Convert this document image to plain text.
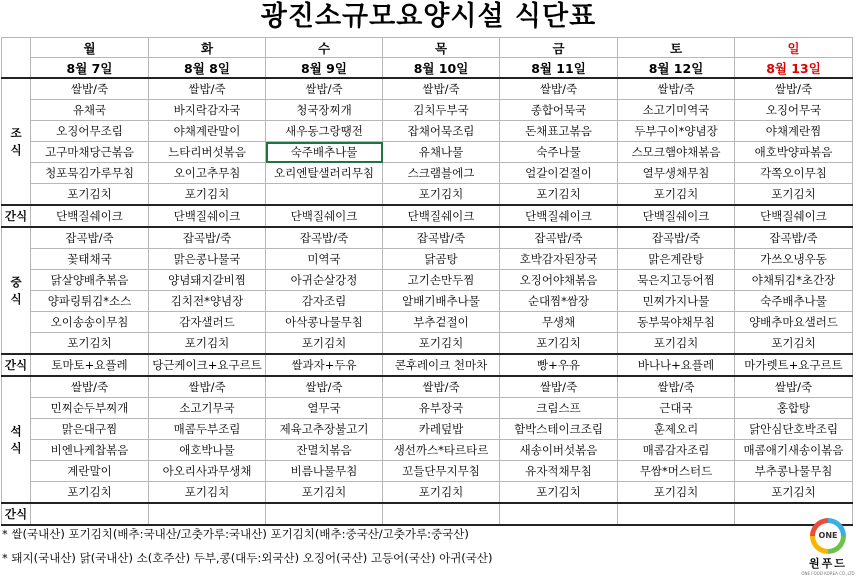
광진소규모요양시설 식단표
	월	화	수	목	금	토	일
	8월 7일	8월 8일	8월 9일	8월 10일	8월 11일	8월 12일	8월 13일
조
식	쌀밥/죽	쌀밥/죽	쌀밥/죽	쌀밥/죽	쌀밥/죽	쌀밥/죽	쌀밥/죽
	유채국	바지락감자국	청국장찌개	김치두부국	종합어묵국	소고기미역국	오징어무국
	오징어무조림	야채계란말이	새우동그랑땡전	잡채어묵조림	돈채표고볶음	두부구이*양념장	야채계란찜
	고구마채당근볶음	느타리버섯볶음	숙주배추나물	유채나물	숙주나물	스모크햄야채볶음	애호박양파볶음
	청포묵김가루무침	오이고추무침	오리엔탈샐러리무침	스크램블에그	얼갈이겉절이	열무생채무침	각쪽오이무침
	포기김치	포기김치		포기김치	포기김치	포기김치	포기김치
간식	단백질쉐이크	단백질쉐이크	단백질쉐이크	단백질쉐이크	단백질쉐이크	단백질쉐이크	단백질쉐이크
중
식	잡곡밥/죽	잡곡밥/죽	잡곡밥/죽	잡곡밥/죽	잡곡밥/죽	잡곡밥/죽	잡곡밥/죽
	꽃태채국	맑은콩나물국	미역국	닭곰탕	호박감자된장국	맑은계란탕	가쓰오냉우동
	닭살양배추볶음	양념돼지갈비찜	아귀순살강정	고기손만두찜	오징어야채볶음	묵은지고등어찜	야채튀김*초간장
	양파링튀김*소스	김치전*양념장	감자조림	알배기배추나물	순대찜*쌈장	민찌가지나물	숙주배추나물
	오이송송이무침	감자샐러드	아삭콩나물무침	부추겉절이	무생채	동부묵야채무침	양배추마요샐러드
	포기김치	포기김치	포기김치	포기김치	포기김치	포기김치	포기김치
간식	토마토+요플레	당근케이크+요구르트	쌀과자+두유	콘후레이크 천마차	빵+우유	바나나+요플레	마가렛트+요구르트
석
식	쌀밥/죽	쌀밥/죽	쌀밥/죽	쌀밥/죽	쌀밥/죽	쌀밥/죽	쌀밥/죽
	민찌순두부찌개	소고기무국	열무국	유부장국	크림스프	근대국	홍합탕
	맑은대구찜	매콤두부조림	제육고추장불고기	카레덮밥	함박스테이크조림	훈제오리	닭안심단호박조림
	비엔나케찹볶음	애호박나물	잔멸치볶음	생선까스*타르타르	새송이버섯볶음	매콤감자조림	매콤애기새송이볶음
	계란말이	아오리사과무생채	비름나물무침	꼬들단무지무침	유자적채무침	무쌈*머스터드	부추콩나물무침
	포기김치	포기김치	포기김치	포기김치	포기김치	포기김치	포기김치
간식							
* 쌀(국내산) 포기김치(배추:국내산/고춧가루:국내산) 포기김치(배추:중국산/고춧가루:중국산)
* 돼지(국내산) 닭(국내산) 소(호주산) 두부,콩(대두:외국산) 오징어(국산) 고등어(국산) 아귀(국산)
ONE
원푸드
ONE FOOD KOREA CO.,LTD
